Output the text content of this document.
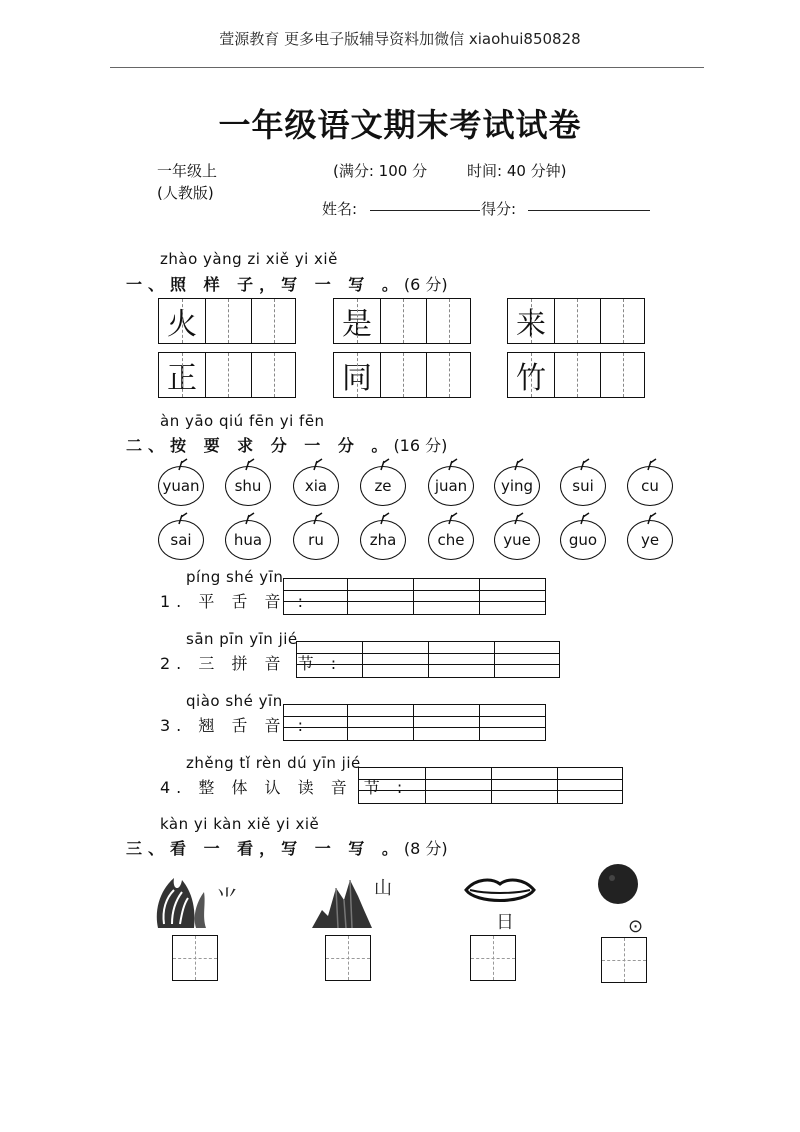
萱源教育 更多电子版辅导资料加微信 xiaohui850828
一年级语文期末考试试卷
一年级上
(人教版)
(满分: 100 分	时间: 40 分钟)
姓名:	得分:
zhào yàng zi xiě yi xiě
一、照 样 子，写 一 写 。(6 分)
火	是	来
正	同	竹
àn yāo qiú fēn yi fēn
二、按 要 求 分 一 分 。(16 分)
yuan	shu	xia	ze	juan	ying	sui	cu
sai	hua	ru	zha	che	yue	guo	ye
píng shé yīn
1. 平 舌 音 :
sān pīn yīn jié
2. 三 拼 音 节 :
qiào shé yīn
3. 翘 舌 音 :
zhěng tǐ rèn dú yīn jié
4. 整 体 认 读 音 节 :
kàn yi kàn xiě yi xiě
三、看 一 看，写 一 写 。(8 分)
⺌	山
日	⊙
